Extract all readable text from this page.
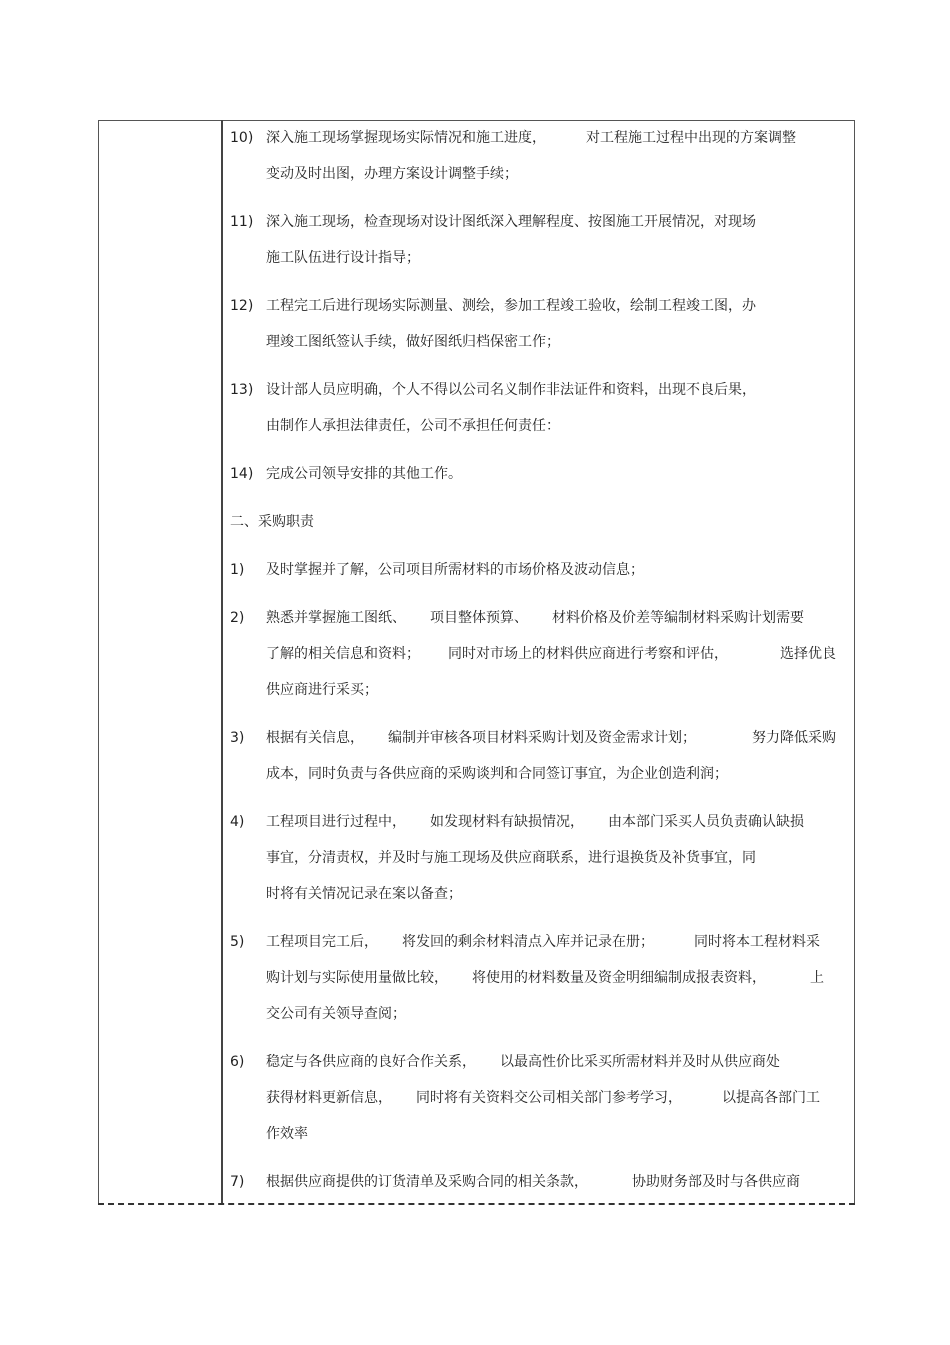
10) 深入施工现场掌握现场实际情况和施工进度，	对工程施工过程中出现的方案调整
变动及时出图，办理方案设计调整手续；
11) 深入施工现场，检查现场对设计图纸深入理解程度、按图施工开展情况，对现场
施工队伍进行设计指导；
12) 工程完工后进行现场实际测量、测绘，参加工程竣工验收，绘制工程竣工图，办
理竣工图纸签认手续，做好图纸归档保密工作；
13) 设计部人员应明确，个人不得以公司名义制作非法证件和资料，出现不良后果，
由制作人承担法律责任，公司不承担任何责任：
14) 完成公司领导安排的其他工作。
二、采购职责
1)	及时掌握并了解，公司项目所需材料的市场价格及波动信息；
2)	熟悉并掌握施工图纸、 项目整体预算、 材料价格及价差等编制材料采购计划需要
了解的相关信息和资料； 同时对市场上的材料供应商进行考察和评估，	选择优良
供应商进行采买；
3)	根据有关信息， 编制并审核各项目材料采购计划及资金需求计划；	努力降低采购
成本，同时负责与各供应商的采购谈判和合同签订事宜，为企业创造利润；
4)	工程项目进行过程中， 如发现材料有缺损情况， 由本部门采买人员负责确认缺损
事宜，分清责权，并及时与施工现场及供应商联系，进行退换货及补货事宜，同
时将有关情况记录在案以备查；
5)	工程项目完工后， 将发回的剩余材料清点入库并记录在册；	同时将本工程材料采
购计划与实际使用量做比较， 将使用的材料数量及资金明细编制成报表资料，	上
交公司有关领导查阅；
6)	稳定与各供应商的良好合作关系， 以最高性价比采买所需材料并及时从供应商处
获得材料更新信息， 同时将有关资料交公司相关部门参考学习，	以提高各部门工
作效率
7)	根据供应商提供的订货清单及采购合同的相关条款，	协助财务部及时与各供应商
